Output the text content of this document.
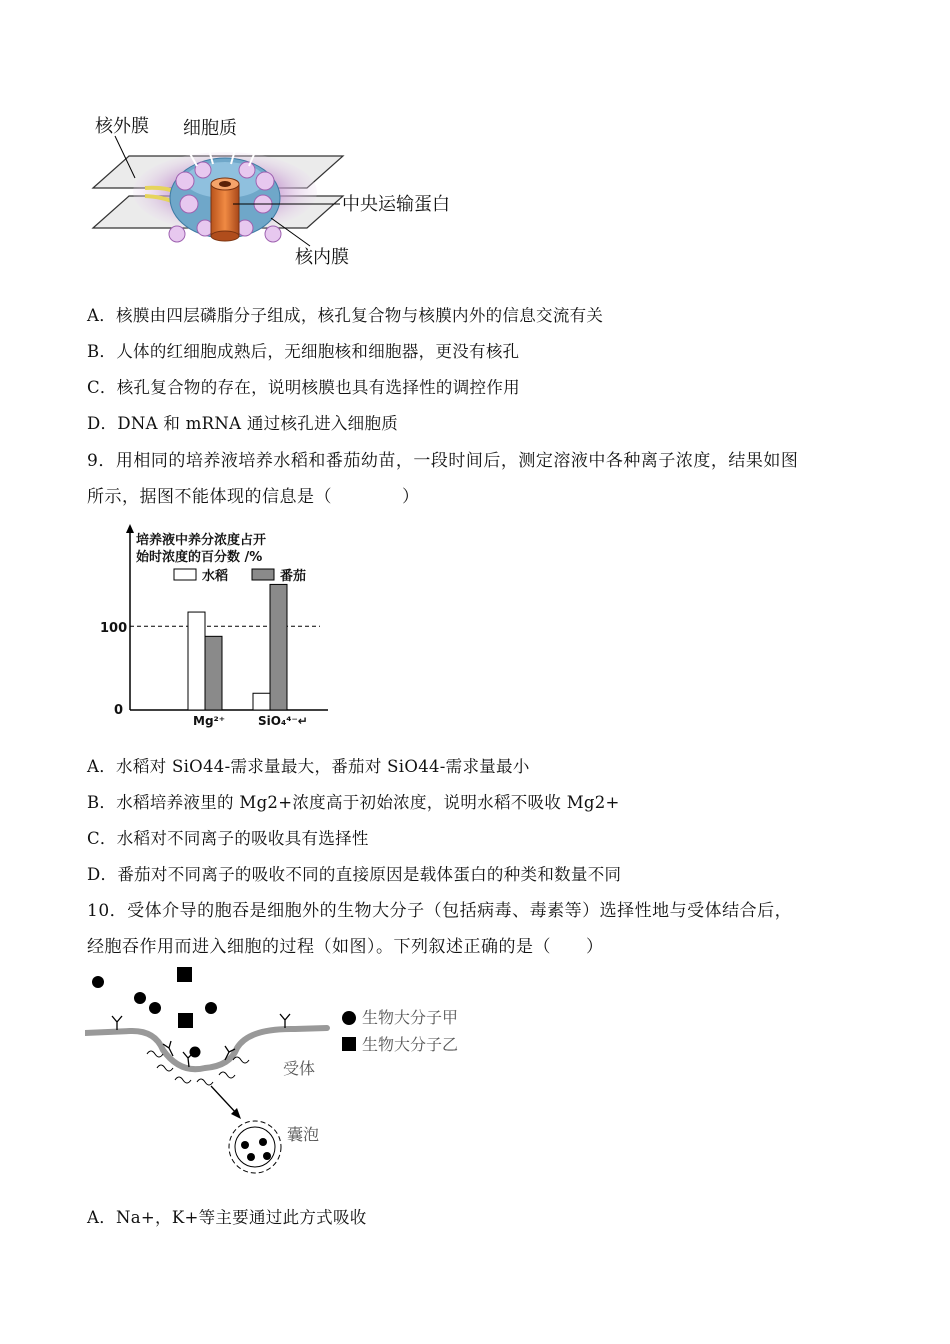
核外膜 细胞质
中央运输蛋白
核内膜
A．核膜由四层磷脂分子组成，核孔复合物与核膜内外的信息交流有关
B．人体的红细胞成熟后，无细胞核和细胞器，更没有核孔
C．核孔复合物的存在，说明核膜也具有选择性的调控作用
D．DNA 和 mRNA 通过核孔进入细胞质
9．用相同的培养液培养水稻和番茄幼苗，一段时间后，测定溶液中各种离子浓度，结果如图
所示，据图不能体现的信息是（　　　　）
培养液中养分浓度占开
始时浓度的百分数 /%
水稻	番茄
0
100
Mg²⁺	SiO₄⁴⁻↵
A．水稻对 SiO44-需求量最大，番茄对 SiO44-需求量最小
B．水稻培养液里的 Mg2+浓度高于初始浓度，说明水稻不吸收 Mg2+
C．水稻对不同离子的吸收具有选择性
D．番茄对不同离子的吸收不同的直接原因是载体蛋白的种类和数量不同
10．受体介导的胞吞是细胞外的生物大分子（包括病毒、毒素等）选择性地与受体结合后，
经胞吞作用而进入细胞的过程（如图）。下列叙述正确的是（　　）
受体
囊泡
生物大分子甲
生物大分子乙
A．Na+，K+等主要通过此方式吸收
